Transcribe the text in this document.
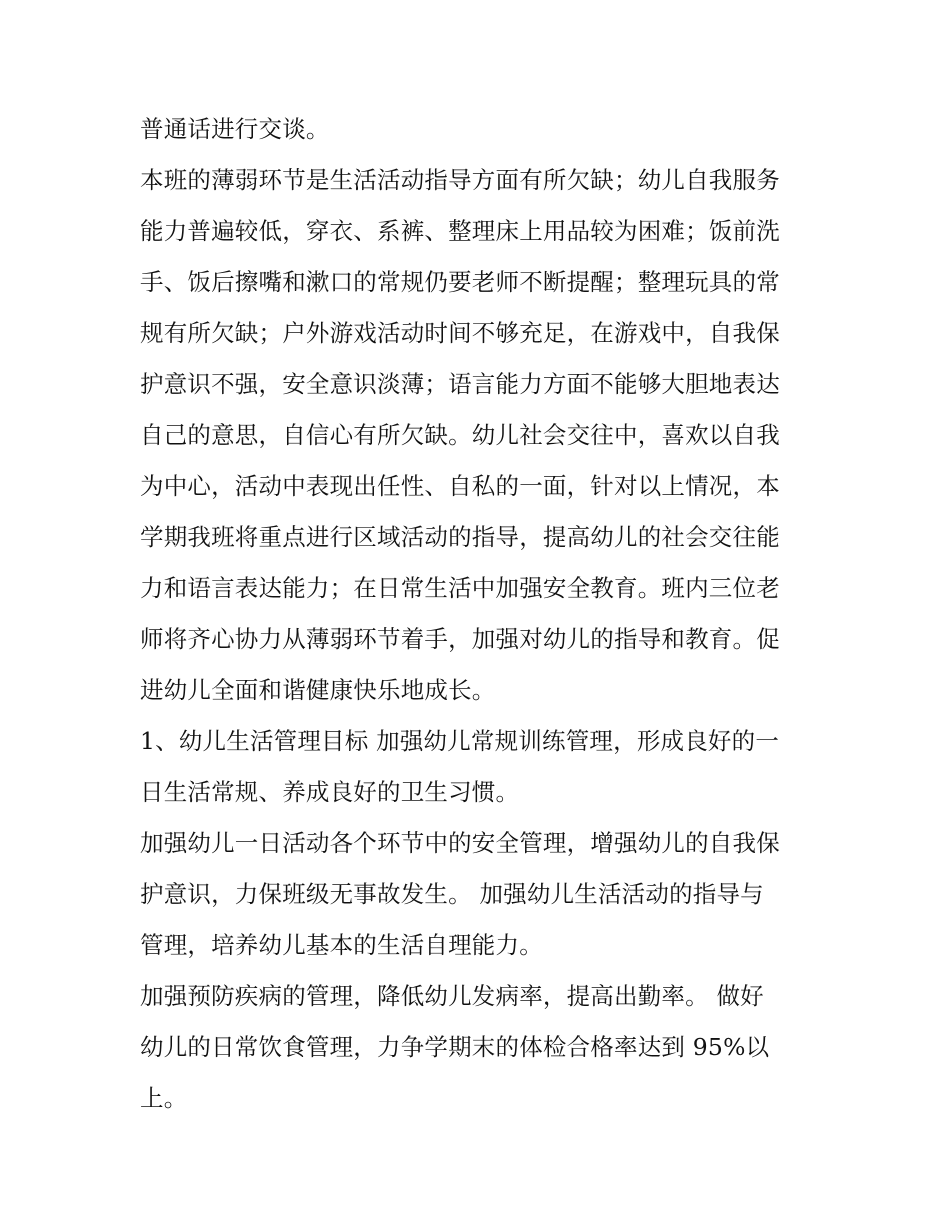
普通话进行交谈。
本班的薄弱环节是生活活动指导方面有所欠缺；幼儿自我服务
能力普遍较低，穿衣、系裤、整理床上用品较为困难；饭前洗
手、饭后擦嘴和漱口的常规仍要老师不断提醒；整理玩具的常
规有所欠缺；户外游戏活动时间不够充足，在游戏中，自我保
护意识不强，安全意识淡薄；语言能力方面不能够大胆地表达
自己的意思，自信心有所欠缺。幼儿社会交往中，喜欢以自我
为中心，活动中表现出任性、自私的一面，针对以上情况，本
学期我班将重点进行区域活动的指导，提高幼儿的社会交往能
力和语言表达能力；在日常生活中加强安全教育。班内三位老
师将齐心协力从薄弱环节着手，加强对幼儿的指导和教育。促
进幼儿全面和谐健康快乐地成长。
1、幼儿生活管理目标 加强幼儿常规训练管理，形成良好的一
日生活常规、养成良好的卫生习惯。
加强幼儿一日活动各个环节中的安全管理，增强幼儿的自我保
护意识，力保班级无事故发生。 加强幼儿生活活动的指导与
管理，培养幼儿基本的生活自理能力。
加强预防疾病的管理，降低幼儿发病率，提高出勤率。 做好
幼儿的日常饮食管理，力争学期末的体检合格率达到 95%以
上。
